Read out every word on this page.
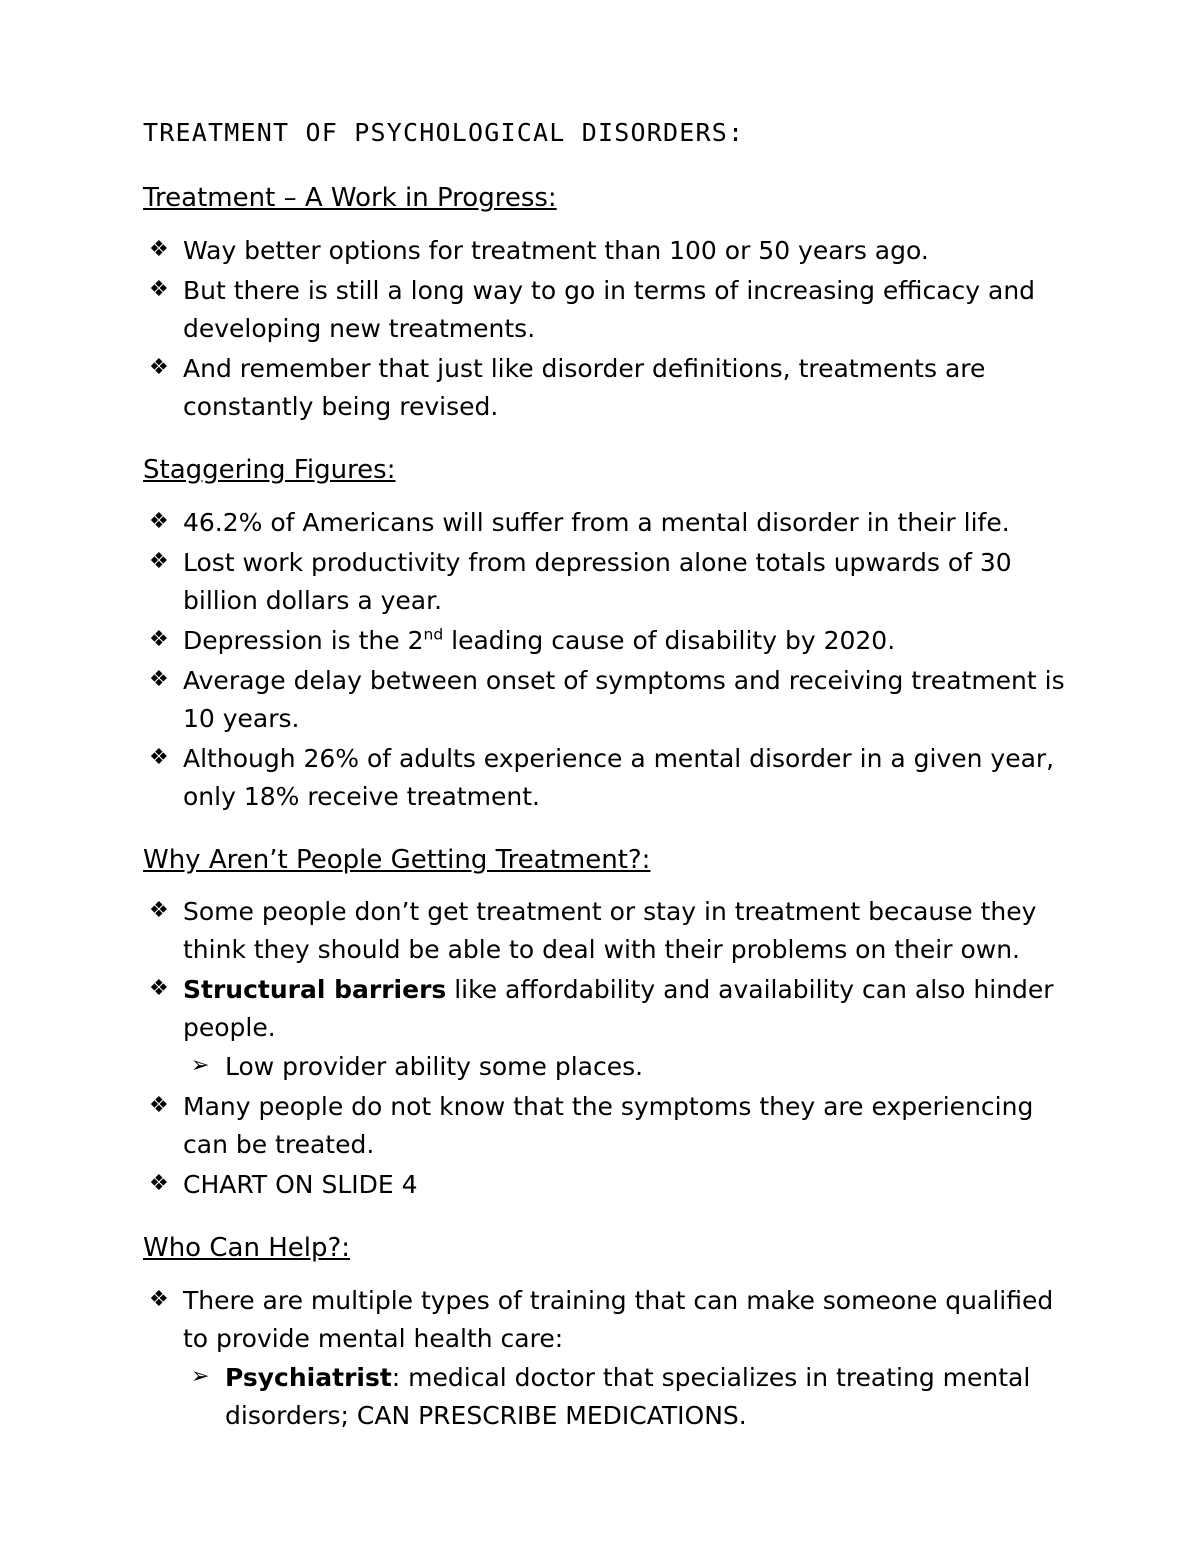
TREATMENT OF PSYCHOLOGICAL DISORDERS:
Treatment – A Work in Progress:
❖ Way better options for treatment than 100 or 50 years ago.
❖ But there is still a long way to go in terms of increasing efficacy and developing new treatments.
❖ And remember that just like disorder definitions, treatments are constantly being revised.
Staggering Figures:
❖ 46.2% of Americans will suffer from a mental disorder in their life.
❖ Lost work productivity from depression alone totals upwards of 30 billion dollars a year.
❖ Depression is the 2nd leading cause of disability by 2020.
❖ Average delay between onset of symptoms and receiving treatment is 10 years.
❖ Although 26% of adults experience a mental disorder in a given year, only 18% receive treatment.
Why Aren’t People Getting Treatment?:
❖ Some people don’t get treatment or stay in treatment because they think they should be able to deal with their problems on their own.
❖ Structural barriers like affordability and availability can also hinder people.
➢ Low provider ability some places.
❖ Many people do not know that the symptoms they are experiencing can be treated.
❖ CHART ON SLIDE 4
Who Can Help?:
❖ There are multiple types of training that can make someone qualified to provide mental health care:
➢ Psychiatrist: medical doctor that specializes in treating mental disorders; CAN PRESCRIBE MEDICATIONS.
